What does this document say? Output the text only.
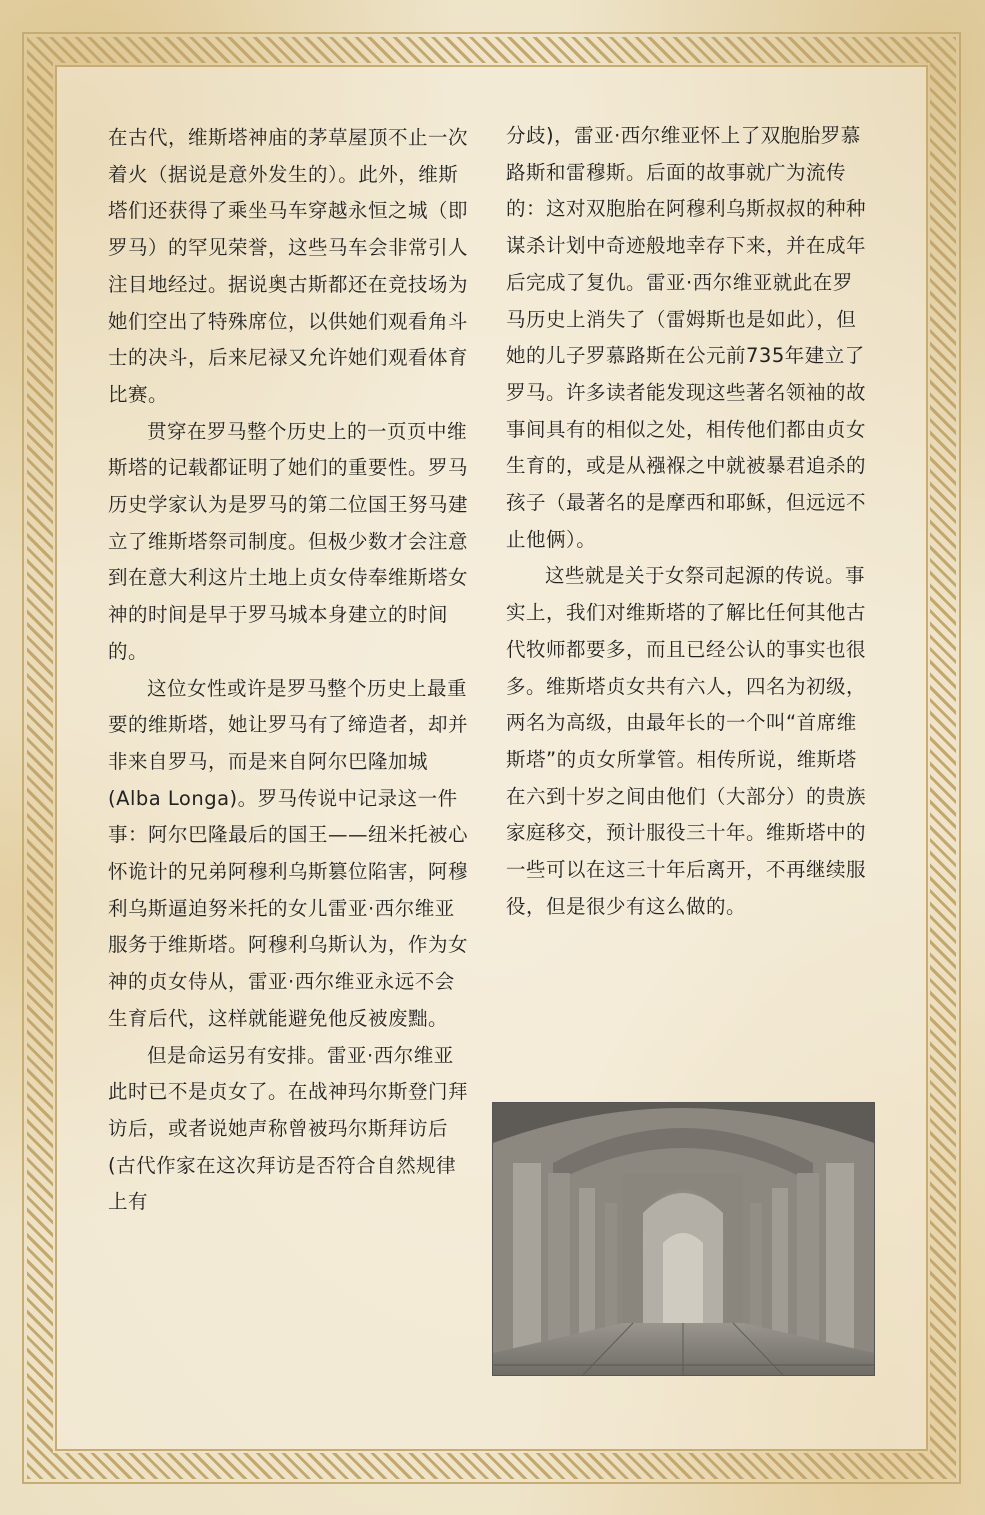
在古代，维斯塔神庙的茅草屋顶不止一次着火（据说是意外发生的）。此外，维斯塔们还获得了乘坐马车穿越永恒之城（即罗马）的罕见荣誉，这些马车会非常引人注目地经过。据说奥古斯都还在竞技场为她们空出了特殊席位，以供她们观看角斗士的决斗，后来尼禄又允许她们观看体育比赛。

贯穿在罗马整个历史上的一页页中维斯塔的记载都证明了她们的重要性。罗马历史学家认为是罗马的第二位国王努马建立了维斯塔祭司制度。但极少数才会注意到在意大利这片土地上贞女侍奉维斯塔女神的时间是早于罗马城本身建立的时间的。

这位女性或许是罗马整个历史上最重要的维斯塔，她让罗马有了缔造者，却并非来自罗马，而是来自阿尔巴隆加城(Alba Longa)。罗马传说中记录这一件事：阿尔巴隆最后的国王——纽米托被心怀诡计的兄弟阿穆利乌斯篡位陷害，阿穆利乌斯逼迫努米托的女儿雷亚·西尔维亚服务于维斯塔。阿穆利乌斯认为，作为女神的贞女侍从，雷亚·西尔维亚永远不会生育后代，这样就能避免他反被废黜。

但是命运另有安排。雷亚·西尔维亚此时已不是贞女了。在战神玛尔斯登门拜访后，或者说她声称曾被玛尔斯拜访后(古代作家在这次拜访是否符合自然规律上有

分歧)，雷亚·西尔维亚怀上了双胞胎罗慕路斯和雷穆斯。后面的故事就广为流传的：这对双胞胎在阿穆利乌斯叔叔的种种谋杀计划中奇迹般地幸存下来，并在成年后完成了复仇。雷亚·西尔维亚就此在罗马历史上消失了（雷姆斯也是如此），但她的儿子罗慕路斯在公元前735年建立了罗马。许多读者能发现这些著名领袖的故事间具有的相似之处，相传他们都由贞女生育的，或是从襁褓之中就被暴君追杀的孩子（最著名的是摩西和耶稣，但远远不止他俩）。

这些就是关于女祭司起源的传说。事实上，我们对维斯塔的了解比任何其他古代牧师都要多，而且已经公认的事实也很多。维斯塔贞女共有六人，四名为初级，两名为高级，由最年长的一个叫“首席维斯塔”的贞女所掌管。相传所说，维斯塔在六到十岁之间由他们（大部分）的贵族家庭移交，预计服役三十年。维斯塔中的一些可以在这三十年后离开，不再继续服役，但是很少有这么做的。
